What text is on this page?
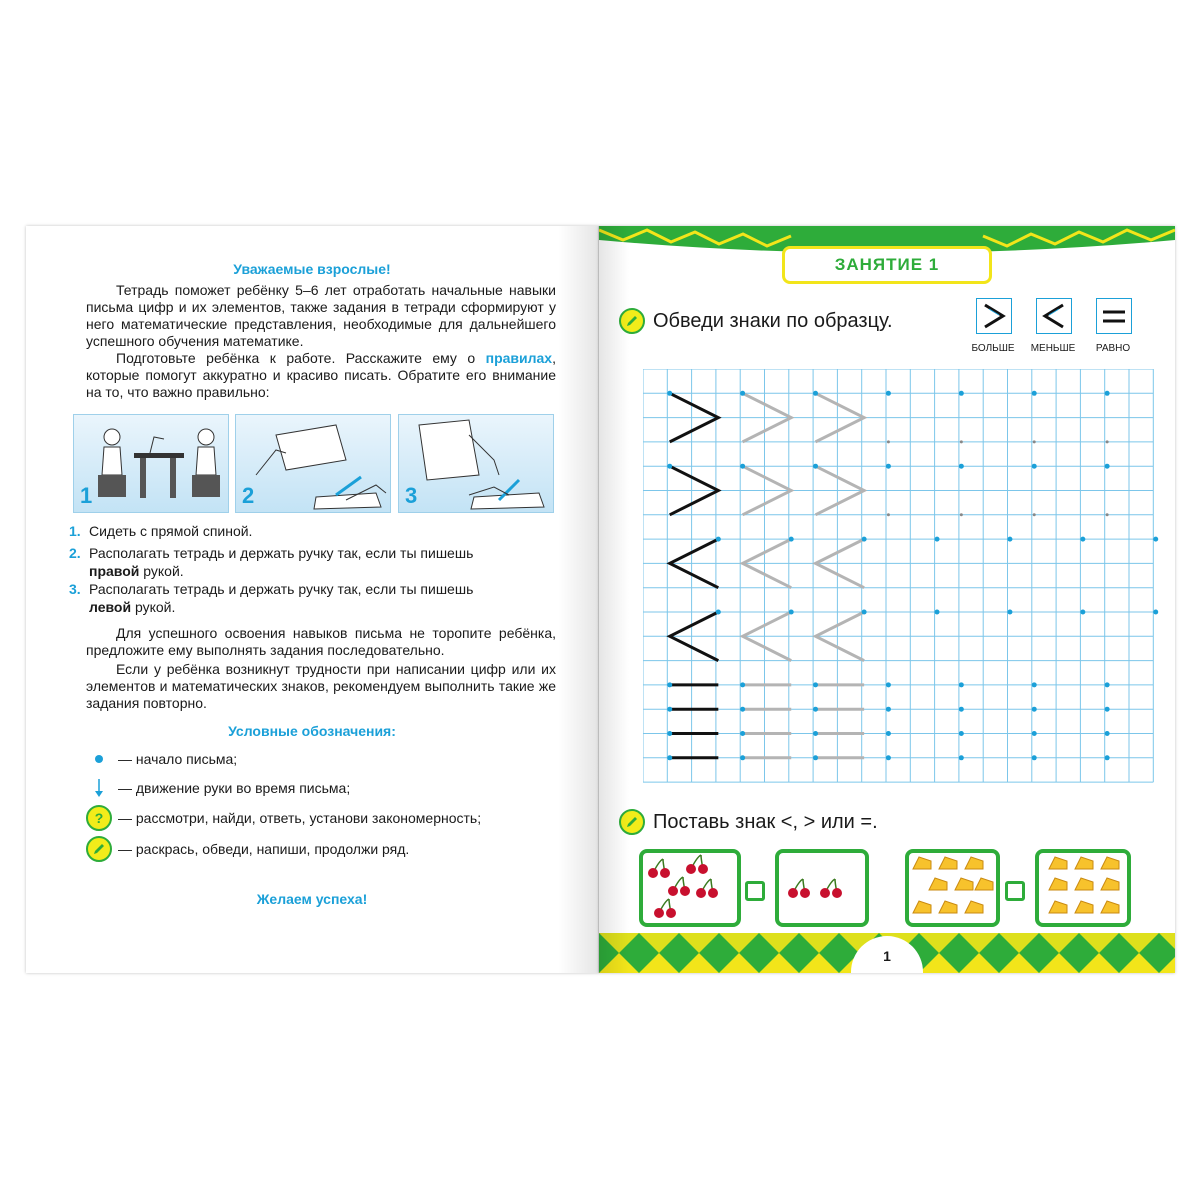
Уважаемые взрослые!
Тетрадь поможет ребёнку 5–6 лет отработать начальные навыки письма цифр и их элементов, также задания в тетради сформируют у него математические представления, необходимые для дальнейшего успешного обучения математике.
Подготовьте ребёнка к работе. Расскажите ему о правилах, которые помогут аккуратно и красиво писать. Обратите его внимание на то, что важно правильно:
1	2	3
1. Сидеть с прямой спиной.
2. Располагать тетрадь и держать ручку так, если ты пишешь
правой рукой.
3. Располагать тетрадь и держать ручку так, если ты пишешь
левой рукой.
Для успешного освоения навыков письма не торопите ребёнка, предложите ему выполнять задания последовательно.
Если у ребёнка возникнут трудности при написании цифр или их элементов и математических знаков, рекомендуем выполнить такие же задания повторно.
Условные обозначения:
— начало письма;
— движение руки во время письма;
?	— рассмотри, найди, ответь, установи закономерность;
— раскрась, обведи, напиши, продолжи ряд.
Желаем успеха!
ЗАНЯТИЕ 1
Обведи знаки по образцу.
БОЛЬШЕ	МЕНЬШЕ	РАВНО
Поставь знак <, > или =.
1
